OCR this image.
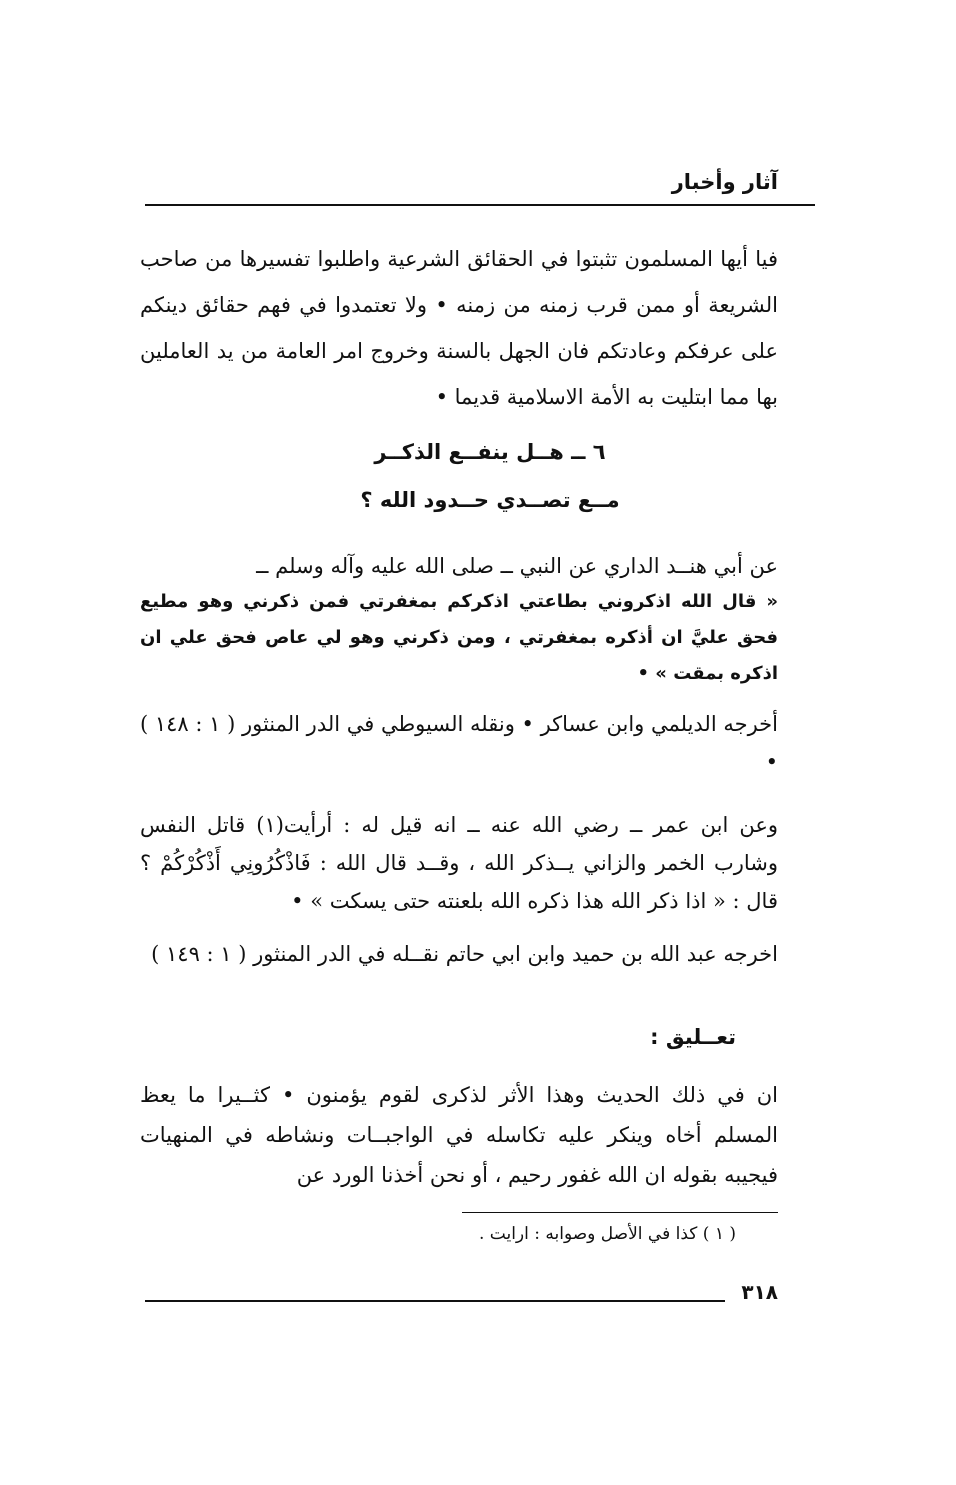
آثار وأخبار

فيا أيها المسلمون تثبتوا في الحقائق الشرعية واطلبوا تفسيرها من صاحب الشريعة أو ممن قرب زمنه من زمنه • ولا تعتمدوا في فهم حقائق دينكم على عرفكم وعادتكم فان الجهل بالسنة وخروج امر العامة من يد العاملين بها مما ابتليت به الأمة الاسلامية قديما •

٦ ــ هــل ينفــع الذكــر
مــع تصــدي حــدود الله ؟

عن أبي هنــد الداري عن النبي ــ صلى الله عليه وآله وسلم ــ

« قال الله اذكروني بطاعتي اذكركم بمغفرتي فمن ذكرني وهو مطيع فحق عليَّ ان أذكره بمغفرتي ، ومن ذكرني وهو لي عاص فحق علي ان اذكره بمقت » •

أخرجه الديلمي وابن عساكر • ونقله السيوطي في الدر المنثور ( ١ : ١٤٨ ) •

وعن ابن عمر ــ رضي الله عنه ــ انه قيل له : أرأيت(١) قاتل النفس وشارب الخمر والزاني يــذكر الله ، وقــد قال الله : فَاذْكُرُونِي أَذْكُرْكُمْ ؟ قال : « اذا ذكر الله هذا ذكره الله بلعنته حتى يسكت » •

اخرجه عبد الله بن حميد وابن ابي حاتم نقــله في الدر المنثور ( ١ : ١٤٩ )

تعــليق :

ان في ذلك الحديث وهذا الأثر لذكرى لقوم يؤمنون • كثــيرا ما يعظ المسلم أخاه وينكر عليه تكاسله في الواجبــات ونشاطه في المنهيات فيجيبه بقوله ان الله غفور رحيم ، أو نحن أخذنا الورد عن

( ١ ) كذا في الأصل وصوابه : ارايت .
٣١٨
